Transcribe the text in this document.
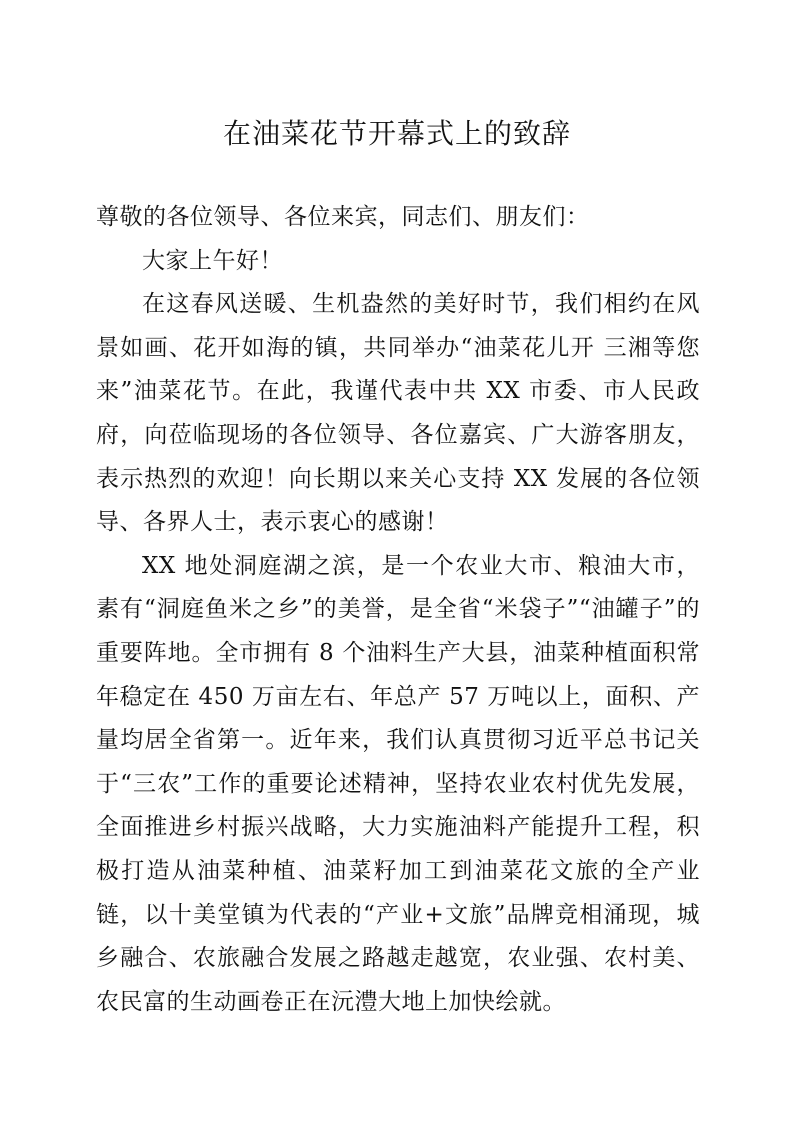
在油菜花节开幕式上的致辞

尊敬的各位领导、各位来宾，同志们、朋友们：

大家上午好！

在这春风送暖、生机盎然的美好时节，我们相约在风景如画、花开如海的镇，共同举办“油菜花儿开 三湘等您来”油菜花节。在此，我谨代表中共 XX 市委、市人民政府，向莅临现场的各位领导、各位嘉宾、广大游客朋友，表示热烈的欢迎！向长期以来关心支持 XX 发展的各位领导、各界人士，表示衷心的感谢！

XX 地处洞庭湖之滨，是一个农业大市、粮油大市，素有“洞庭鱼米之乡”的美誉，是全省“米袋子”“油罐子”的重要阵地。全市拥有 8 个油料生产大县，油菜种植面积常年稳定在 450 万亩左右、年总产 57 万吨以上，面积、产量均居全省第一。近年来，我们认真贯彻习近平总书记关于“三农”工作的重要论述精神，坚持农业农村优先发展，全面推进乡村振兴战略，大力实施油料产能提升工程，积极打造从油菜种植、油菜籽加工到油菜花文旅的全产业链，以十美堂镇为代表的“产业+文旅”品牌竞相涌现，城乡融合、农旅融合发展之路越走越宽，农业强、农村美、农民富的生动画卷正在沅澧大地上加快绘就。
